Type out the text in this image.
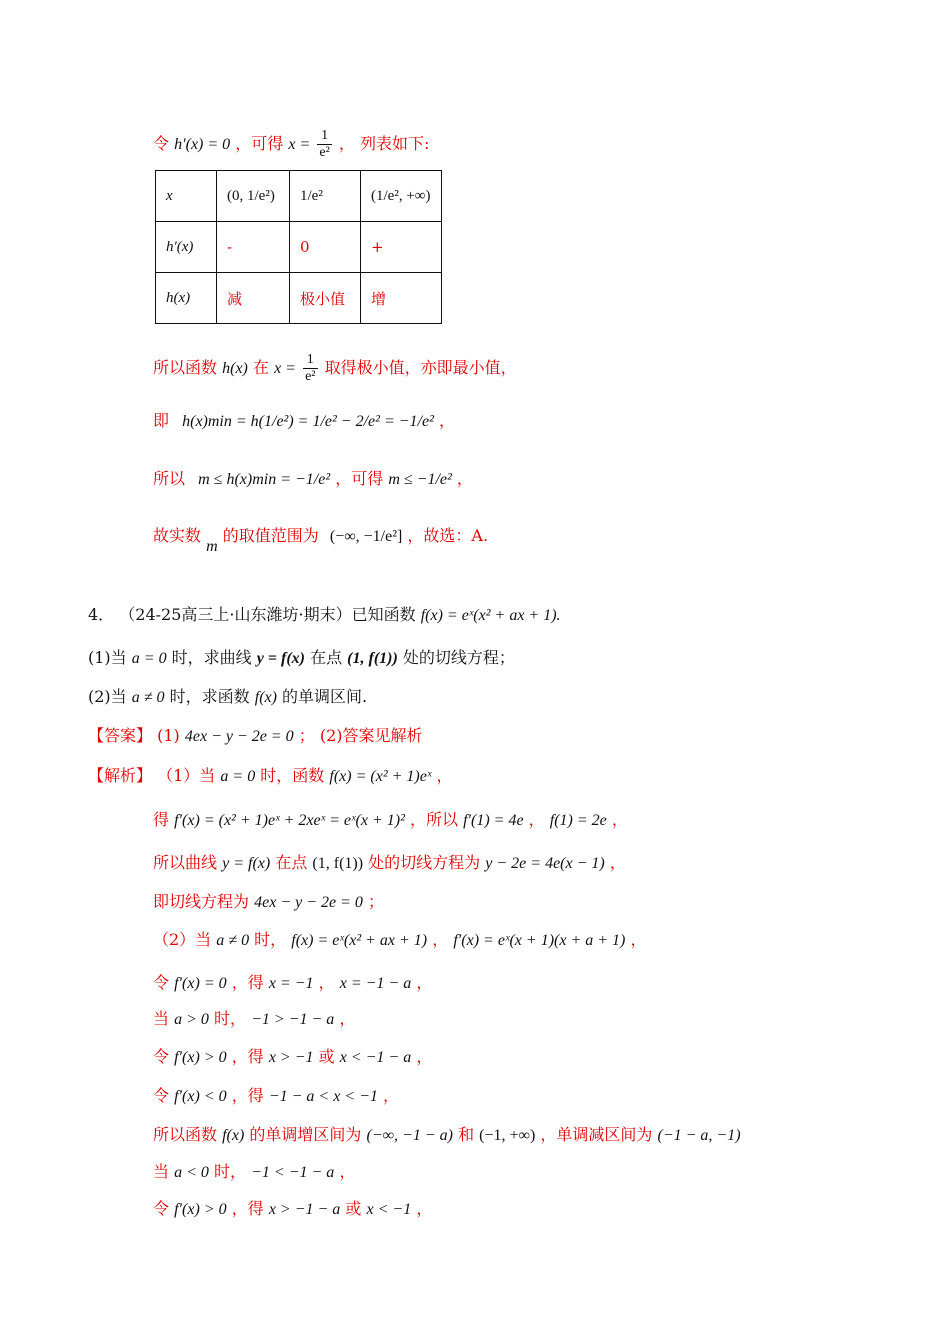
令 h′(x) = 0 ，可得 $x = \frac{1}{\text{e²}}$ ， 列表如下:
x	(0, 1/e²)	1/e²	(1/e², +∞)
h′(x)	-	0	+
h(x)	减	极小值	增
所以函数 h(x) 在 $x = \frac{1}{\text{e²}}$ 取得极小值，亦即最小值，
即 h(x)min = h(1/e²) = 1/e² − 2/e² = −1/e² ，
所以 m ≤ h(x)min = −1/e² ，可得 m ≤ −1/e² ，
故实数 m 的取值范围为 (−∞, −1/e²] ，故选：A.
4． （24-25高三上·山东潍坊·期末）已知函数 f(x) = eˣ(x² + ax + 1).
(1)当 a = 0 时，求曲线 y = f(x) 在点 (1, f(1)) 处的切线方程；
(2)当 a ≠ 0 时，求函数 f(x) 的单调区间.
【答案】 (1) 4ex − y − 2e = 0 ； (2)答案见解析
【解析】 （1）当 a = 0 时，函数 f(x) = (x² + 1)eˣ ，
得 f′(x) = (x² + 1)eˣ + 2xeˣ = eˣ(x + 1)² ，所以 f′(1) = 4e ， f(1) = 2e ，
所以曲线 y = f(x) 在点 (1, f(1)) 处的切线方程为 y − 2e = 4e(x − 1) ，
即切线方程为 4ex − y − 2e = 0 ；
（2）当 a ≠ 0 时， f(x) = eˣ(x² + ax + 1) ， f′(x) = eˣ(x + 1)(x + a + 1) ，
令 f′(x) = 0 ，得 x = −1 ， x = −1 − a ，
当 a > 0 时， −1 > −1 − a ，
令 f′(x) > 0 ，得 x > −1 或 x < −1 − a ，
令 f′(x) < 0 ，得 −1 − a < x < −1 ，
所以函数 f(x) 的单调增区间为 (−∞, −1 − a) 和 (−1, +∞) ，单调减区间为 (−1 − a, −1)
当 a < 0 时， −1 < −1 − a ，
令 f′(x) > 0 ，得 x > −1 − a 或 x < −1 ，
